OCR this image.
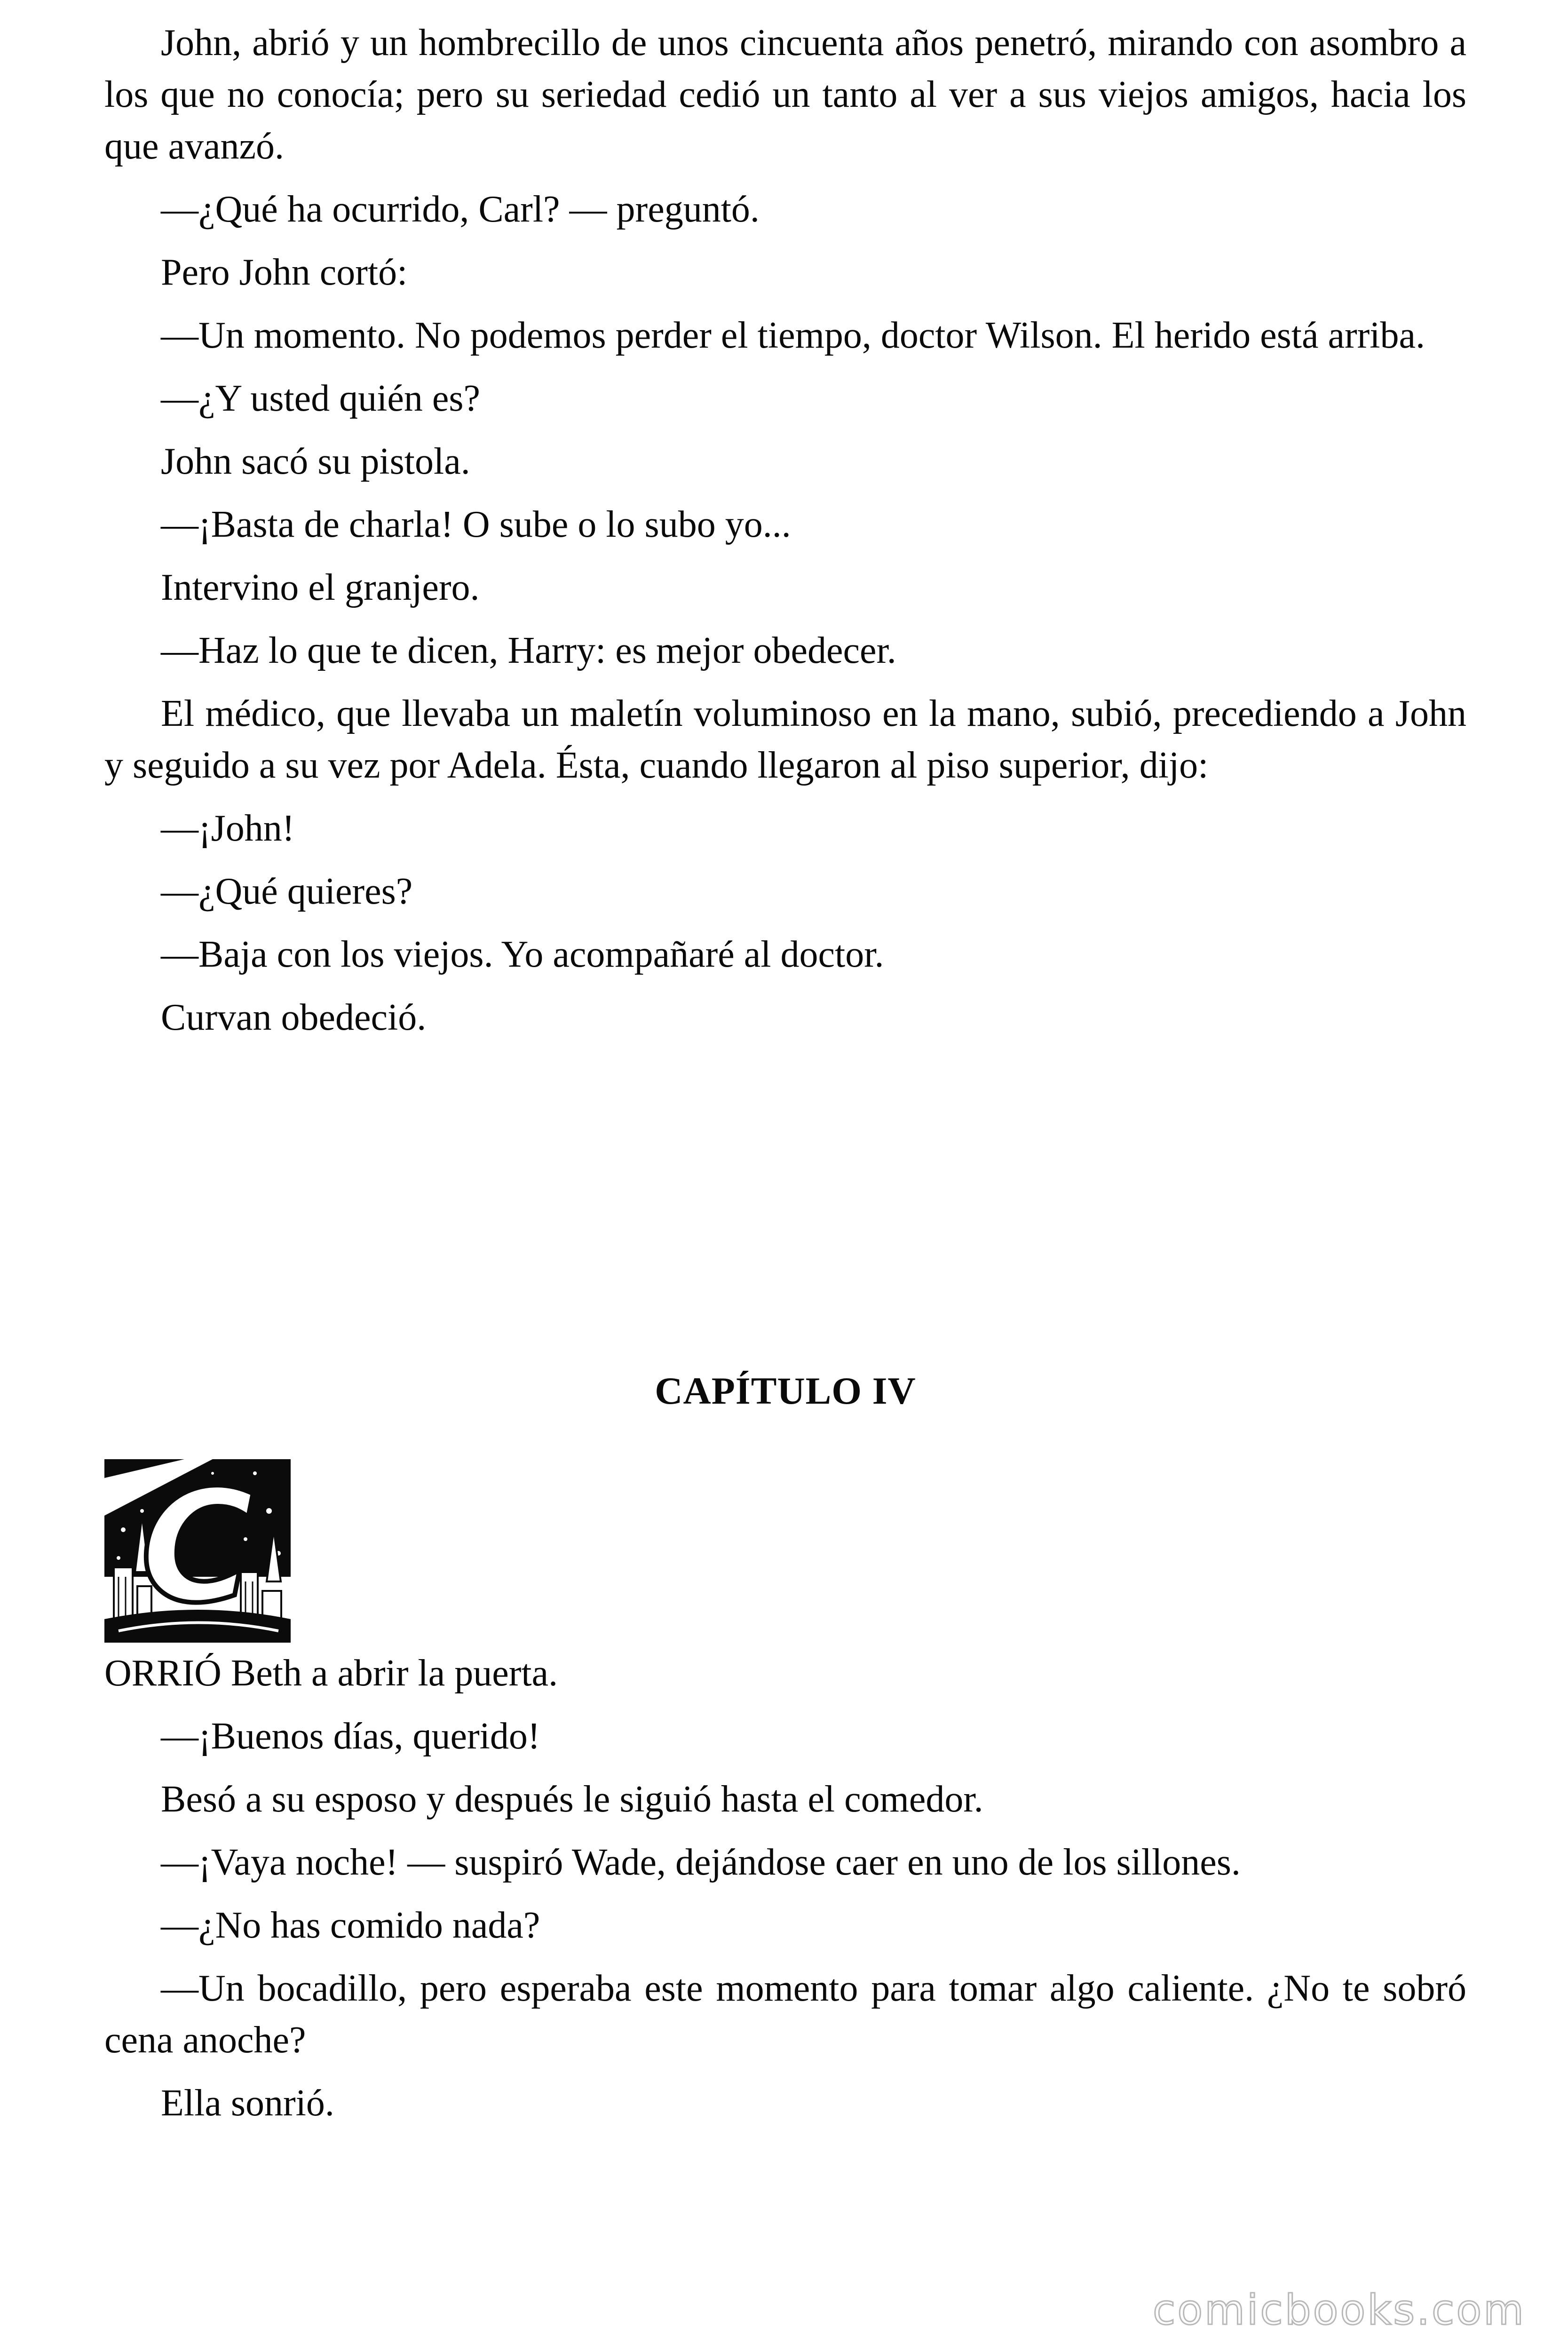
John, abrió y un hombrecillo de unos cincuenta años penetró, mirando con asombro a los que no conocía; pero su seriedad cedió un tanto al ver a sus viejos amigos, hacia los que avanzó.

—¿Qué ha ocurrido, Carl? — preguntó.

Pero John cortó:

—Un momento. No podemos perder el tiempo, doctor Wilson. El herido está arriba.

—¿Y usted quién es?

John sacó su pistola.

—¡Basta de charla! O sube o lo subo yo...

Intervino el granjero.

—Haz lo que te dicen, Harry: es mejor obedecer.

El médico, que llevaba un maletín voluminoso en la mano, subió, precediendo a John y seguido a su vez por Adela. Ésta, cuando llegaron al piso superior, dijo:

—¡John!

—¿Qué quieres?

—Baja con los viejos. Yo acompañaré al doctor.

Curvan obedeció.

CAPÍTULO IV
C

ORRIÓ Beth a abrir la puerta.

—¡Buenos días, querido!

Besó a su esposo y después le siguió hasta el comedor.

—¡Vaya noche! — suspiró Wade, dejándose caer en uno de los sillones.

—¿No has comido nada?

—Un bocadillo, pero esperaba este momento para tomar algo caliente. ¿No te sobró cena anoche?

Ella sonrió.

comicbooks.com
